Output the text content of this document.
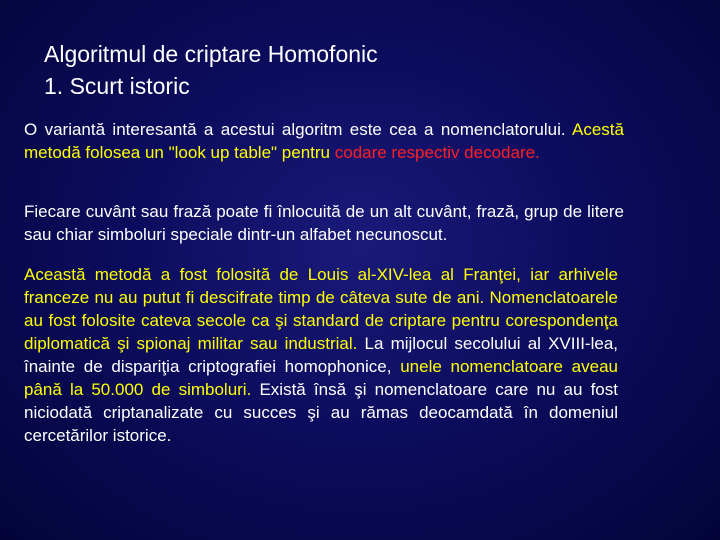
Algoritmul de criptare Homofonic
1. Scurt istoric
O variantă interesantă a acestui algoritm este cea a nomenclatorului. Acestă metodă folosea un "look up table" pentru codare respectiv decodare.
Fiecare cuvânt sau frază poate fi înlocuită de un alt cuvânt, frază, grup de litere sau chiar simboluri speciale dintr-un alfabet necunoscut.
Această metodă a fost folosită de Louis al-XIV-lea al Franţei, iar arhivele franceze nu au putut fi descifrate timp de câteva sute de ani. Nomenclatoarele au fost folosite cateva secole ca şi standard de criptare pentru corespondenţa diplomatică şi spionaj militar sau industrial. La mijlocul secolului al XVIII-lea, înainte de dispariţia criptografiei homophonice, unele nomenclatoare aveau până la 50.000 de simboluri. Există însă şi nomenclatoare care nu au fost niciodată criptanalizate cu succes şi au rămas deocamdată în domeniul cercetărilor istorice.
